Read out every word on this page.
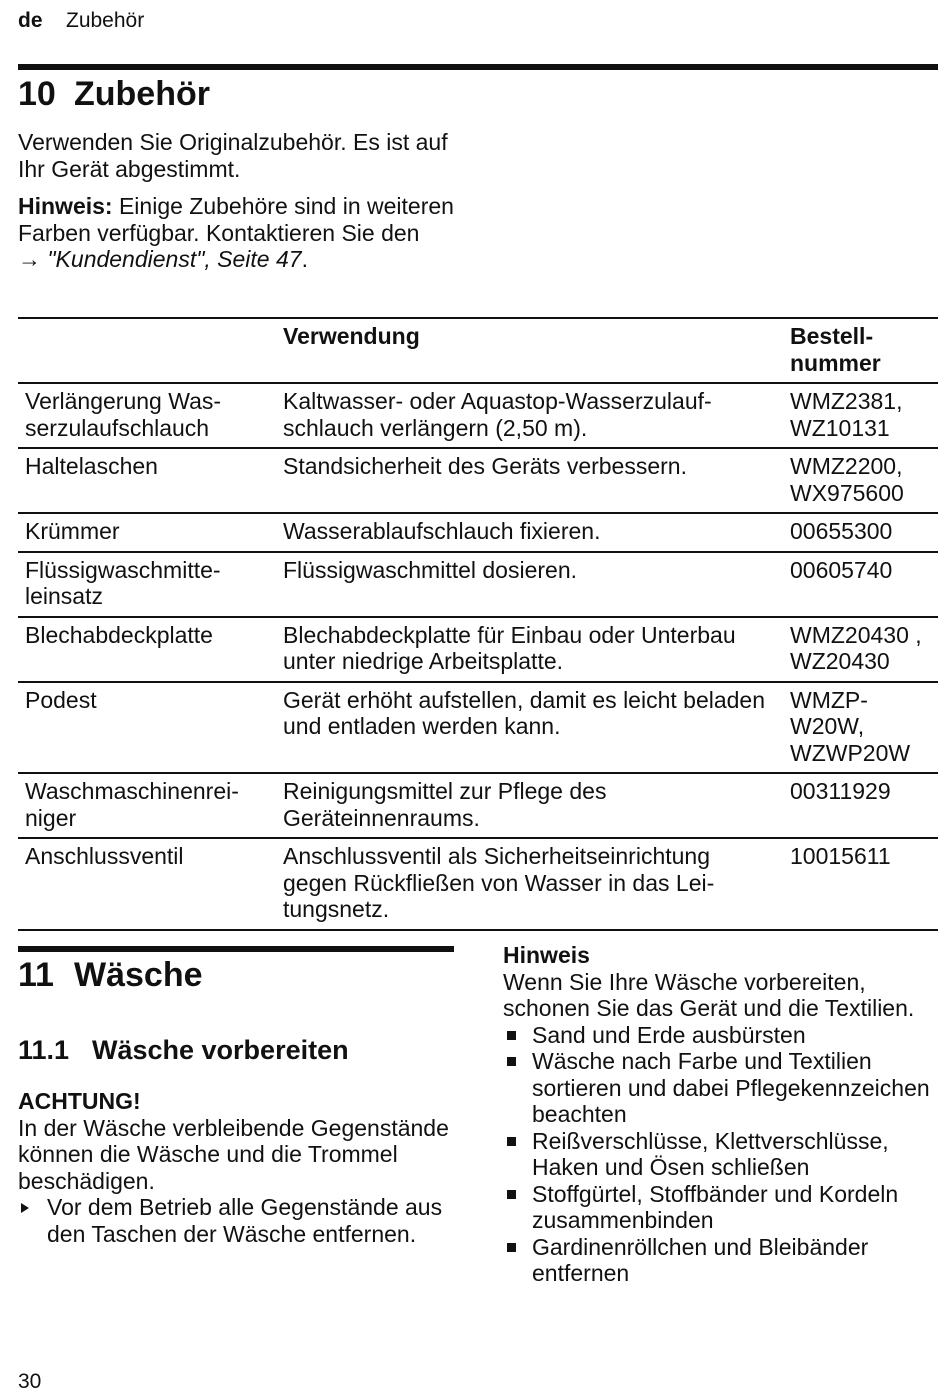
de Zubehör
10 Zubehör

Verwenden Sie Originalzubehör. Es ist auf Ihr Gerät abgestimmt.

Hinweis: Einige Zubehöre sind in weiteren Farben verfügbar. Kontaktieren Sie den
→ "Kundendienst", Seite 47.

	Verwendung	Bestellnummer
Verlängerung Wasserzulaufschlauch	Kaltwasser- oder Aquastop-Wasserzulaufschlauch verlängern (2,50 m).	WMZ2381, WZ10131
Haltelaschen	Standsicherheit des Geräts verbessern.	WMZ2200, WX975600
Krümmer	Wasserablaufschlauch fixieren.	00655300
Flüssigwaschmitteleinsatz	Flüssigwaschmittel dosieren.	00605740
Blechabdeckplatte	Blechabdeckplatte für Einbau oder Unterbau unter niedrige Arbeitsplatte.	WMZ20430 , WZ20430
Podest	Gerät erhöht aufstellen, damit es leicht beladen und entladen werden kann.	WMZPW20W, WZWP20W
Waschmaschinenreiniger	Reinigungsmittel zur Pflege des Geräteinnenraums.	00311929
Anschlussventil	Anschlussventil als Sicherheitseinrichtung gegen Rückfließen von Wasser in das Leitungsnetz.	10015611
11 Wäsche
11.1 Wäsche vorbereiten
ACHTUNG!
In der Wäsche verbleibende Gegenstände können die Wäsche und die Trommel beschädigen.
Vor dem Betrieb alle Gegenstände aus den Taschen der Wäsche entfernen.
Hinweis
Wenn Sie Ihre Wäsche vorbereiten, schonen Sie das Gerät und die Textilien.
Sand und Erde ausbürsten
Wäsche nach Farbe und Textilien sortieren und dabei Pflegekennzeichen beachten
Reißverschlüsse, Klettverschlüsse, Haken und Ösen schließen
Stoffgürtel, Stoffbänder und Kordeln zusammenbinden
Gardinenröllchen und Bleibänder entfernen
30
